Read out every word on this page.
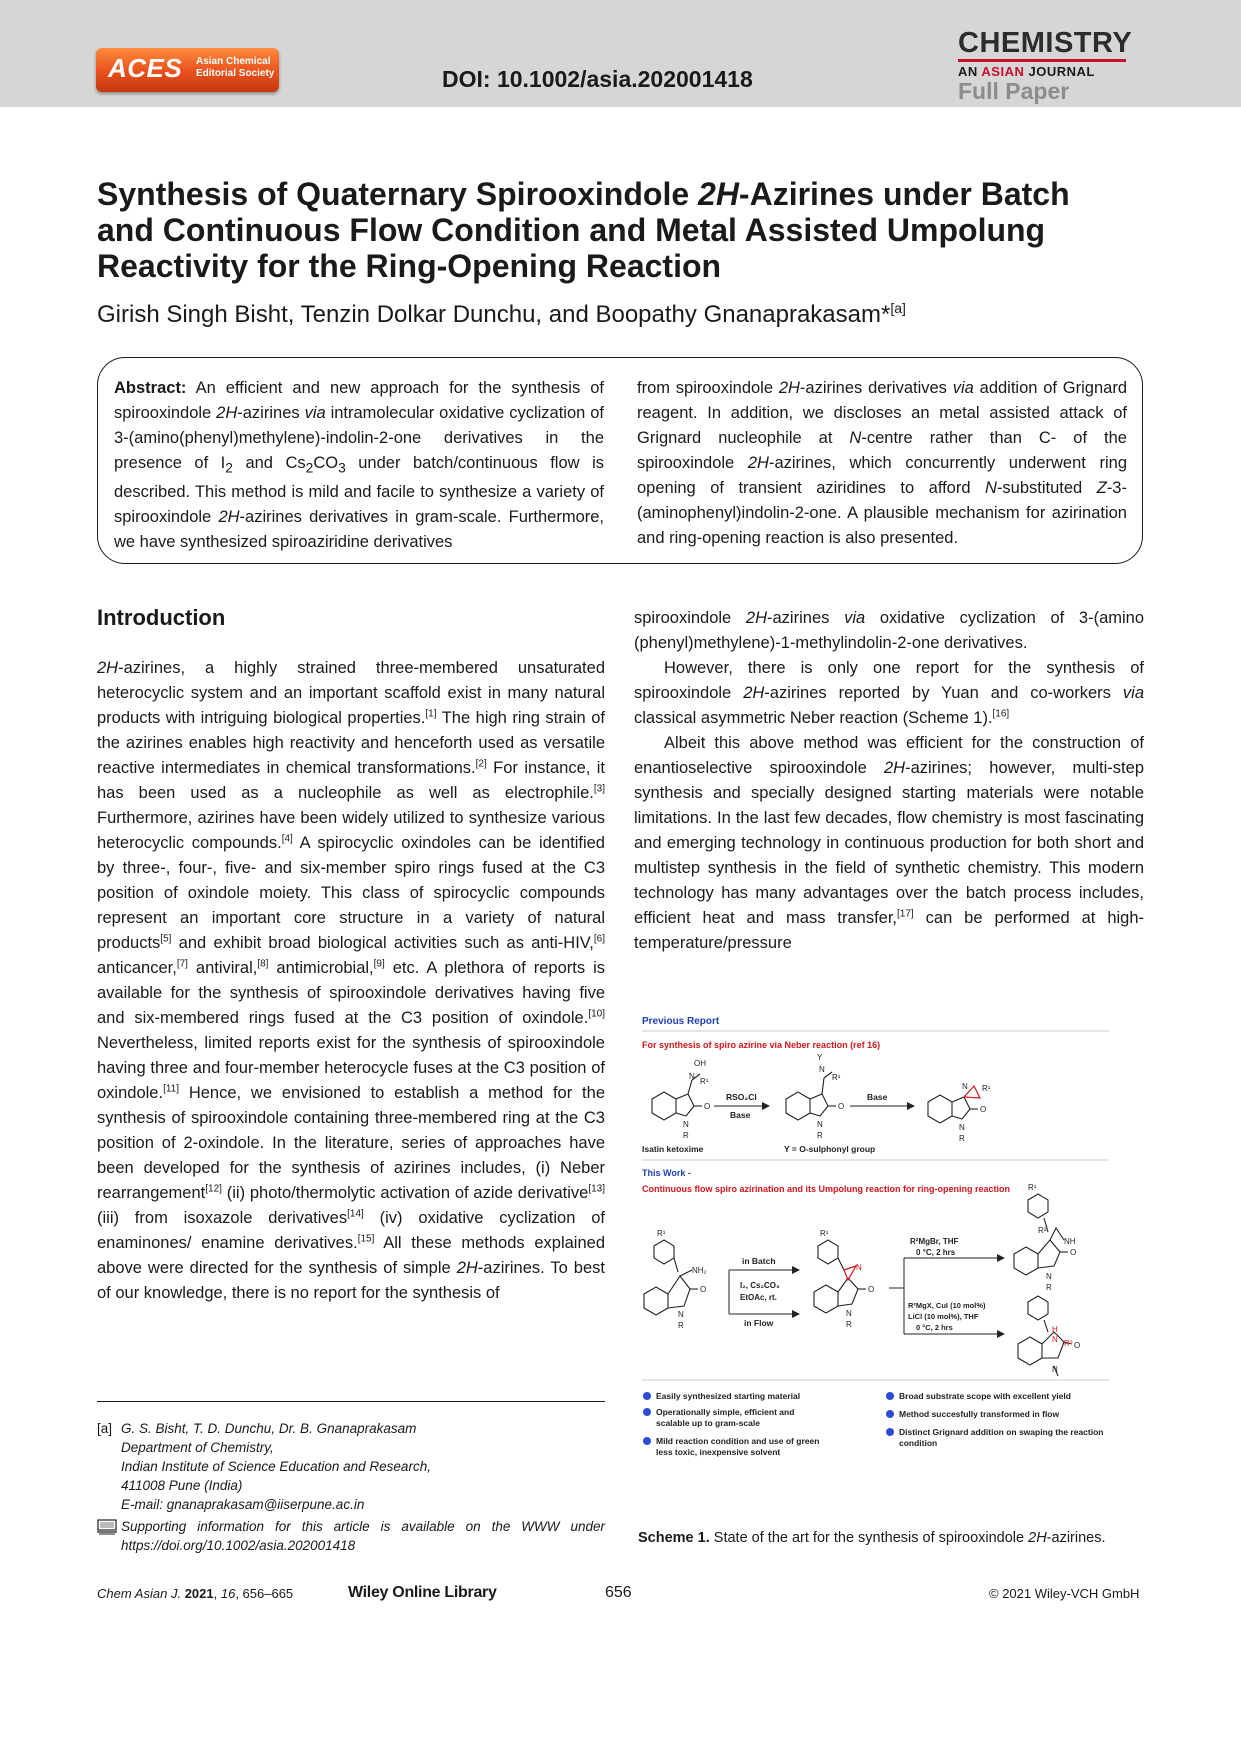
ACES Asian Chemical
Editorial Society	DOI: 10.1002/asia.202001418
CHEMISTRY
AN ASIAN JOURNAL
Full Paper
Synthesis of Quaternary Spirooxindole 2H-Azirines under Batch and Continuous Flow Condition and Metal Assisted Umpolung Reactivity for the Ring-Opening Reaction
Girish Singh Bisht, Tenzin Dolkar Dunchu, and Boopathy Gnanaprakasam*[a]
Abstract: An efficient and new approach for the synthesis of spirooxindole 2H-azirines via intramolecular oxidative cyclization of 3-(amino(phenyl)methylene)-indolin-2-one derivatives in the presence of $I_2$ and $Cs_2CO_3$ under batch/continuous flow is described. This method is mild and facile to synthesize a variety of spirooxindole 2H-azirines derivatives in gram-scale. Furthermore, we have synthesized spiroaziridine derivatives
from spirooxindole 2H-azirines derivatives via addition of Grignard reagent. In addition, we discloses an metal assisted attack of Grignard nucleophile at N-centre rather than C- of the spirooxindole 2H-azirines, which concurrently underwent ring opening of transient aziridines to afford N-substituted Z-3-(aminophenyl)indolin-2-one. A plausible mechanism for azirination and ring-opening reaction is also presented.
Introduction

2H-azirines, a highly strained three-membered unsaturated heterocyclic system and an important scaffold exist in many natural products with intriguing biological properties.[1] The high ring strain of the azirines enables high reactivity and henceforth used as versatile reactive intermediates in chemical transformations.[2] For instance, it has been used as a nucleophile as well as electrophile.[3] Furthermore, azirines have been widely utilized to synthesize various heterocyclic compounds.[4] A spirocyclic oxindoles can be identified by three-, four-, five- and six-member spiro rings fused at the C3 position of oxindole moiety. This class of spirocyclic compounds represent an important core structure in a variety of natural products[5] and exhibit broad biological activities such as anti-HIV,[6] anticancer,[7] antiviral,[8] antimicrobial,[9] etc. A plethora of reports is available for the synthesis of spirooxindole derivatives having five and six-membered rings fused at the C3 position of oxindole.[10] Nevertheless, limited reports exist for the synthesis of spirooxindole having three and four-member heterocycle fuses at the C3 position of oxindole.[11] Hence, we envisioned to establish a method for the synthesis of spirooxindole containing three-membered ring at the C3 position of 2-oxindole. In the literature, series of approaches have been developed for the synthesis of azirines includes, (i) Neber rearrangement[12] (ii) photo/thermolytic activation of azide derivative[13] (iii) from isoxazole derivatives[14] (iv) oxidative cyclization of enaminones/ enamine derivatives.[15] All these methods explained above were directed for the synthesis of simple 2H-azirines. To best of our knowledge, there is no report for the synthesis of

spirooxindole 2H-azirines via oxidative cyclization of 3-(amino (phenyl)methylene)-1-methylindolin-2-one derivatives.

However, there is only one report for the synthesis of spirooxindole 2H-azirines reported by Yuan and co-workers via classical asymmetric Neber reaction (Scheme 1).[16]

Albeit this above method was efficient for the construction of enantioselective spirooxindole 2H-azirines; however, multi-step synthesis and specially designed starting materials were notable limitations. In the last few decades, flow chemistry is most fascinating and emerging technology in continuous production for both short and multistep synthesis in the field of synthetic chemistry. This modern technology has many advantages over the batch process includes, efficient heat and mass transfer,[17] can be performed at high-temperature/pressure

Previous Report
For synthesis of spiro azirine via Neber reaction (ref 16)
OH
N
R¹
O
N
R
Isatin ketoxime
RSO₂Cl
Base
Y
N
R¹
O
N
R
Y = O-sulphonyl group
Base
N R¹
O
N
R
This Work -
Continuous flow spiro azirination and its Umpolung reaction for ring-opening reaction
R¹
NH₂
O
N
R
in Batch
I₂, Cs₂CO₃
EtOAc, rt.
in Flow
N
R¹
O
N
R
R²MgBr, THF
0 °C, 2 hrs
R²MgX, CuI (10 mol%)
LiCl (10 mol%), THF
0 °C, 2 hrs
R¹
R²
NH
O
N
R
H
N R² O
N
Easily synthesized starting material
Operationally simple, efficient and scalable up to gram-scale
Mild reaction condition and use of green less toxic, inexpensive solvent
Broad substrate scope with excellent yield
Method succesfully transformed in flow
Distinct Grignard addition on swaping the reaction condition
Scheme 1. State of the art for the synthesis of spirooxindole 2H-azirines.
[a] G. S. Bisht, T. D. Dunchu, Dr. B. Gnanaprakasam
Department of Chemistry,
Indian Institute of Science Education and Research,
411008 Pune (India)
E-mail: gnanaprakasam@iiserpune.ac.in
Supporting information for this article is available on the WWW under https://doi.org/10.1002/asia.202001418
Chem Asian J. 2021, 16, 656–665	Wiley Online Library	656	© 2021 Wiley-VCH GmbH
